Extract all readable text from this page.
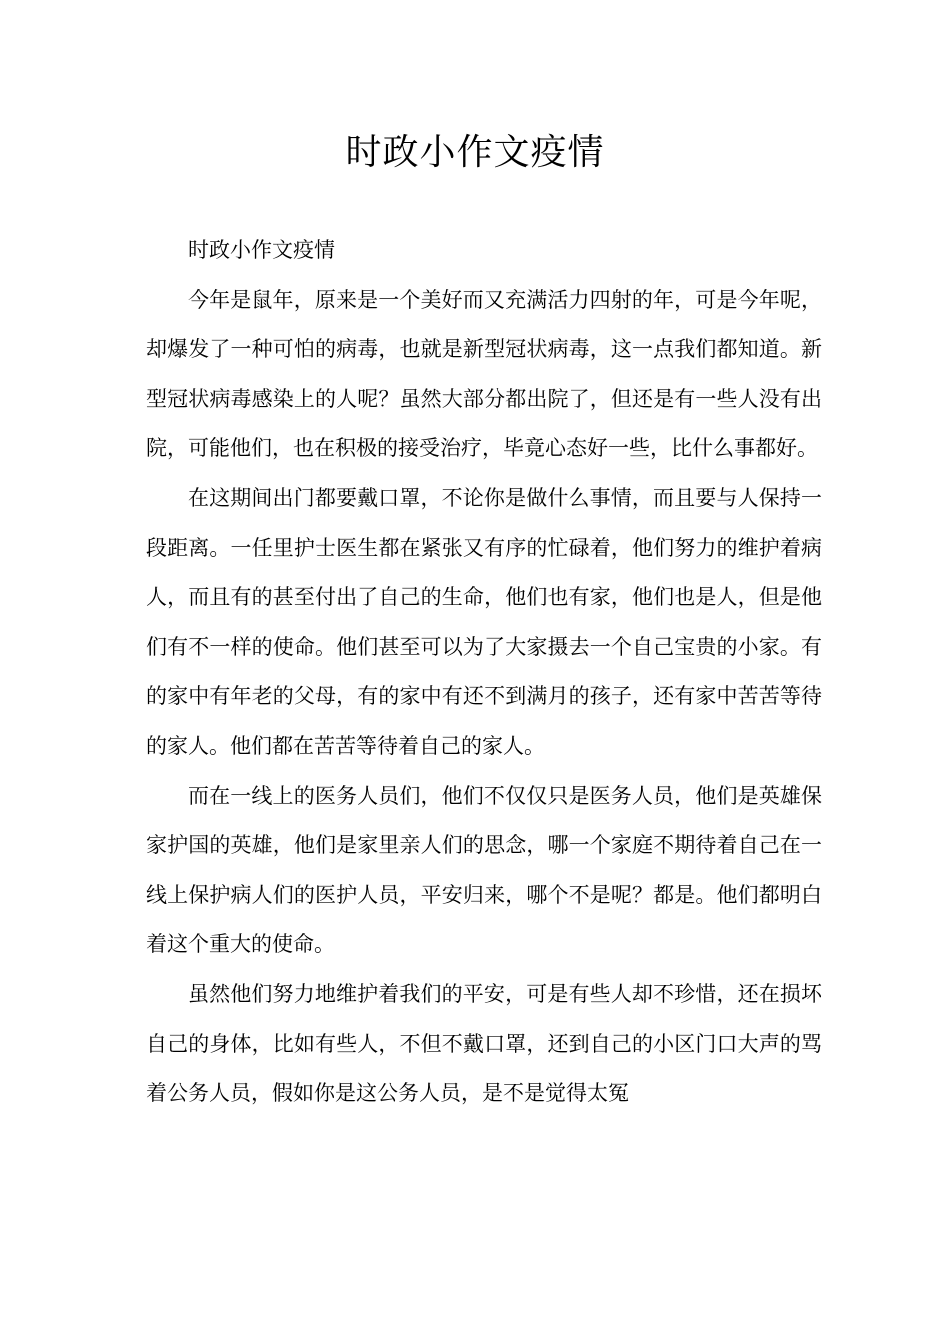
时政小作文疫情

时政小作文疫情

今年是鼠年，原来是一个美好而又充满活力四射的年，可是今年呢，却爆发了一种可怕的病毒，也就是新型冠状病毒，这一点我们都知道。新型冠状病毒感染上的人呢？虽然大部分都出院了，但还是有一些人没有出院，可能他们，也在积极的接受治疗，毕竟心态好一些，比什么事都好。

在这期间出门都要戴口罩，不论你是做什么事情，而且要与人保持一段距离。一任里护士医生都在紧张又有序的忙碌着，他们努力的维护着病人，而且有的甚至付出了自己的生命，他们也有家，他们也是人，但是他们有不一样的使命。他们甚至可以为了大家摄去一个自己宝贵的小家。有的家中有年老的父母，有的家中有还不到满月的孩子，还有家中苦苦等待的家人。他们都在苦苦等待着自己的家人。

而在一线上的医务人员们，他们不仅仅只是医务人员，他们是英雄保家护国的英雄，他们是家里亲人们的思念，哪一个家庭不期待着自己在一线上保护病人们的医护人员，平安归来，哪个不是呢？都是。他们都明白着这个重大的使命。

虽然他们努力地维护着我们的平安，可是有些人却不珍惜，还在损坏自己的身体，比如有些人，不但不戴口罩，还到自己的小区门口大声的骂着公务人员，假如你是这公务人员，是不是觉得太冤
